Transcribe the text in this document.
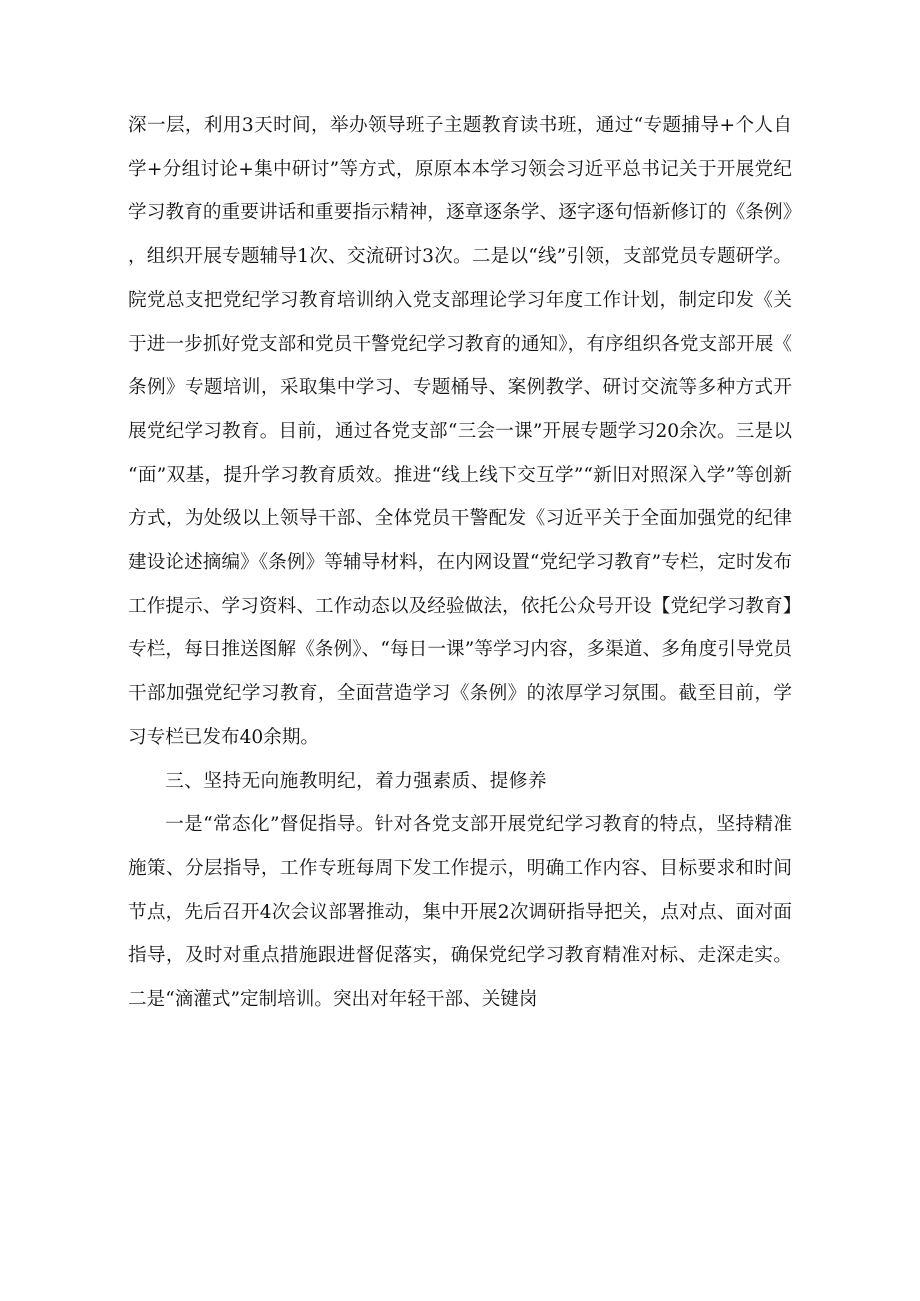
深一层，利用3天时间，举办领导班子主题教育读书班，通过“专题捕导+个人自学+分组讨论+集中研讨”等方式，原原本本学习领会习近平总书记关于开展党纪学习教育的重要讲话和重要指示精神，逐章逐条学、逐字逐句悟新修订的《条例》，组织开展专题辅导1次、交流研讨3次。二是以“线”引领，支部党员专题研学。院党总支把党纪学习教育培训纳入党支部理论学习年度工作计划，制定印发《关于进一步抓好党支部和党员干警党纪学习教育的通知》，有序组织各党支部开展《条例》专题培训，采取集中学习、专题桶导、案例教学、研讨交流等多种方式开展党纪学习教育。目前，通过各党支部“三会一课”开展专题学习20余次。三是以“面”双基，提升学习教育质效。推进“线上线下交互学”“新旧对照深入学”等创新方式，为处级以上领导干部、全体党员干警配发《习近平关于全面加强党的纪律建设论述摘编》《条例》等辅导材料，在内网设置“党纪学习教育”专栏，定时发布工作提示、学习资料、工作动态以及经验做法，依托公众号开设【党纪学习教育】专栏，每日推送图解《条例》、“每日一课”等学习内容，多渠道、多角度引导党员干部加强党纪学习教育，全面营造学习《条例》的浓厚学习氛围。截至目前，学习专栏已发布40余期。

三、坚持无向施教明纪，着力强素质、提修养

一是“常态化”督促指导。针对各党支部开展党纪学习教育的特点，坚持精准施策、分层指导，工作专班每周下发工作提示，明确工作内容、目标要求和时间节点，先后召开4次会议部署推动，集中开展2次调研指导把关，点对点、面对面指导，及时对重点措施跟进督促落实，确保党纪学习教育精准对标、走深走实。二是“滴灌式”定制培训。突出对年轻干部、关键岗
